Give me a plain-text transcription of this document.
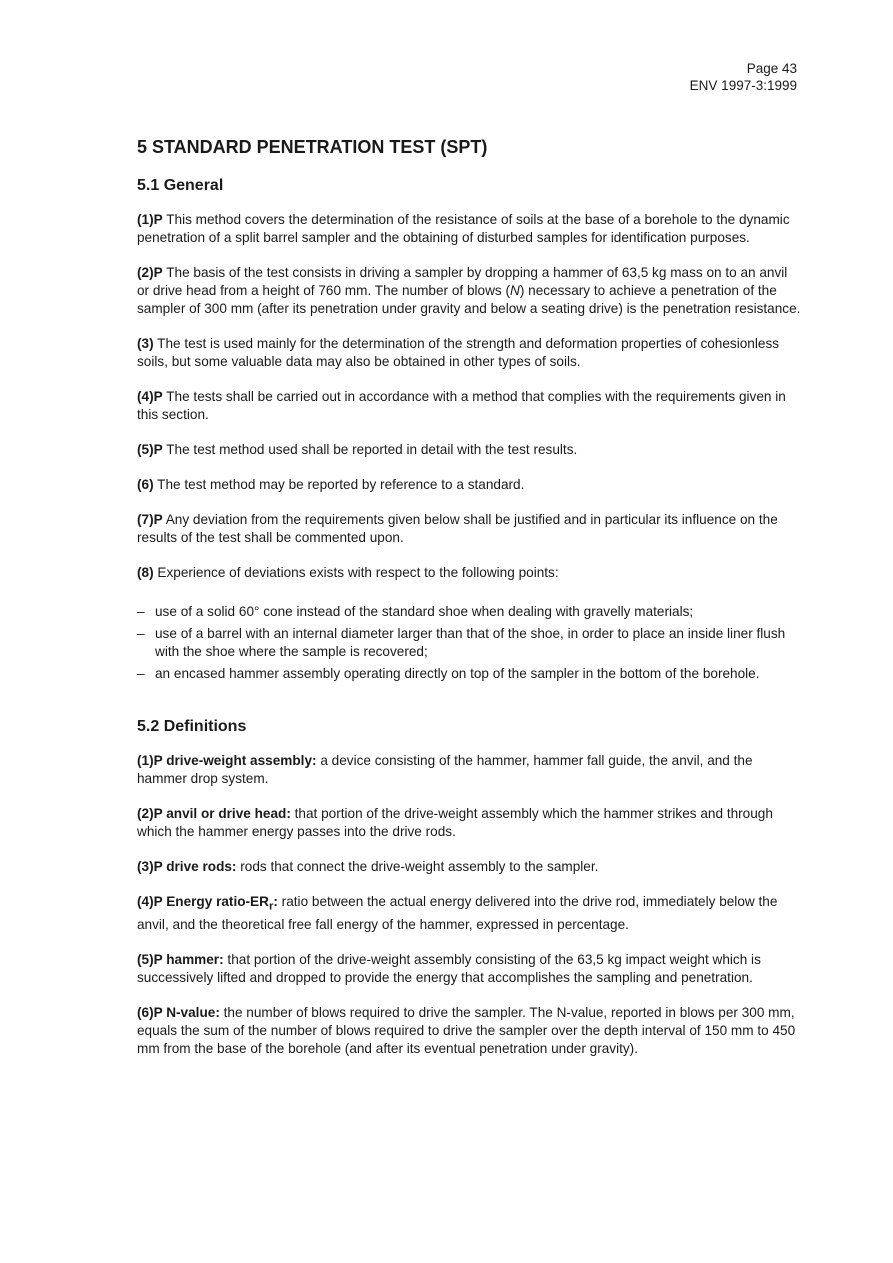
Page 43
ENV 1997-3:1999
5 STANDARD PENETRATION TEST (SPT)
5.1 General

(1)P This method covers the determination of the resistance of soils at the base of a borehole to the dynamic penetration of a split barrel sampler and the obtaining of disturbed samples for identification purposes.

(2)P The basis of the test consists in driving a sampler by dropping a hammer of 63,5 kg mass on to an anvil or drive head from a height of 760 mm. The number of blows (N) necessary to achieve a penetration of the sampler of 300 mm (after its penetration under gravity and below a seating drive) is the penetration resistance.

(3) The test is used mainly for the determination of the strength and deformation properties of cohesionless soils, but some valuable data may also be obtained in other types of soils.

(4)P The tests shall be carried out in accordance with a method that complies with the requirements given in this section.

(5)P The test method used shall be reported in detail with the test results.

(6) The test method may be reported by reference to a standard.

(7)P Any deviation from the requirements given below shall be justified and in particular its influence on the results of the test shall be commented upon.

(8) Experience of deviations exists with respect to the following points:

– use of a solid 60° cone instead of the standard shoe when dealing with gravelly materials;
– use of a barrel with an internal diameter larger than that of the shoe, in order to place an inside liner flush with the shoe where the sample is recovered;
– an encased hammer assembly operating directly on top of the sampler in the bottom of the borehole.
5.2 Definitions

(1)P drive-weight assembly: a device consisting of the hammer, hammer fall guide, the anvil, and the hammer drop system.

(2)P anvil or drive head: that portion of the drive-weight assembly which the hammer strikes and through which the hammer energy passes into the drive rods.

(3)P drive rods: rods that connect the drive-weight assembly to the sampler.

(4)P Energy ratio-$ER_r$: ratio between the actual energy delivered into the drive rod, immediately below the anvil, and the theoretical free fall energy of the hammer, expressed in percentage.

(5)P hammer: that portion of the drive-weight assembly consisting of the 63,5 kg impact weight which is successively lifted and dropped to provide the energy that accomplishes the sampling and penetration.

(6)P N-value: the number of blows required to drive the sampler. The N-value, reported in blows per 300 mm, equals the sum of the number of blows required to drive the sampler over the depth interval of 150 mm to 450 mm from the base of the borehole (and after its eventual penetration under gravity).
